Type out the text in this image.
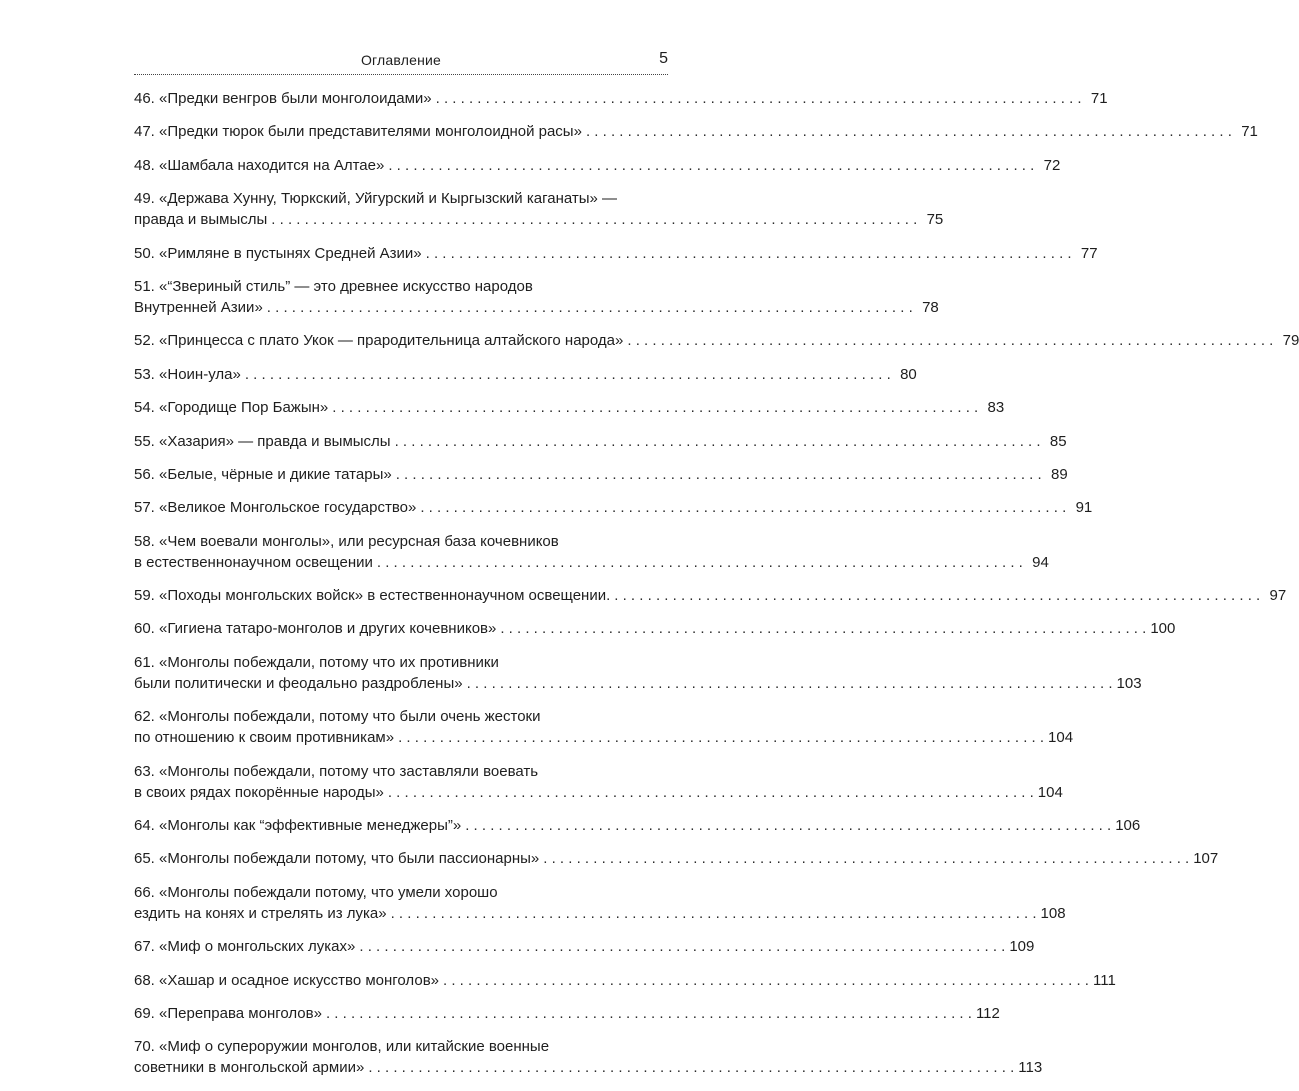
Оглавление	5
46. «Предки венгров были монголоидами» . . .	71
47. «Предки тюрок были представителями монголоидной расы» . . .	71
48. «Шамбала находится на Алтае» . . .	72
49. «Держава Хунну, Тюркский, Уйгурский и Кыргызский каганаты» —
правда и вымыслы . . .	75
50. «Римляне в пустынях Средней Азии» . . .	77
51. «“Звериный стиль” — это древнее искусство народов
Внутренней Азии» . . .	78
52. «Принцесса с плато Укок — прародительница алтайского народа» . . .	79
53. «Ноин-ула» . . .	80
54. «Городище Пор Бажын» . . .	83
55. «Хазария» — правда и вымыслы . . .	85
56. «Белые, чёрные и дикие татары» . . .	89
57. «Великое Монгольское государство» . . .	91
58. «Чем воевали монголы», или ресурсная база кочевников
в естественнонаучном освещении . . .	94
59. «Походы монгольских войск» в естественнонаучном освещении. . . .	97
60. «Гигиена татаро-монголов и других кочевников» . . .	100
61. «Монголы побеждали, потому что их противники
были политически и феодально раздроблены» . . .	103
62. «Монголы побеждали, потому что были очень жестоки
по отношению к своим противникам» . . .	104
63. «Монголы побеждали, потому что заставляли воевать
в своих рядах покорённые народы» . . .	104
64. «Монголы как “эффективные менеджеры”» . . .	106
65. «Монголы побеждали потому, что были пассионарны» . . .	107
66. «Монголы побеждали потому, что умели хорошо
ездить на конях и стрелять из лука» . . .	108
67. «Миф о монгольских луках» . . .	109
68. «Хашар и осадное искусство монголов» . . .	111
69. «Переправа монголов» . . .	112
70. «Миф о супероружии монголов, или китайские военные
советники в монгольской армии» . . .	113
